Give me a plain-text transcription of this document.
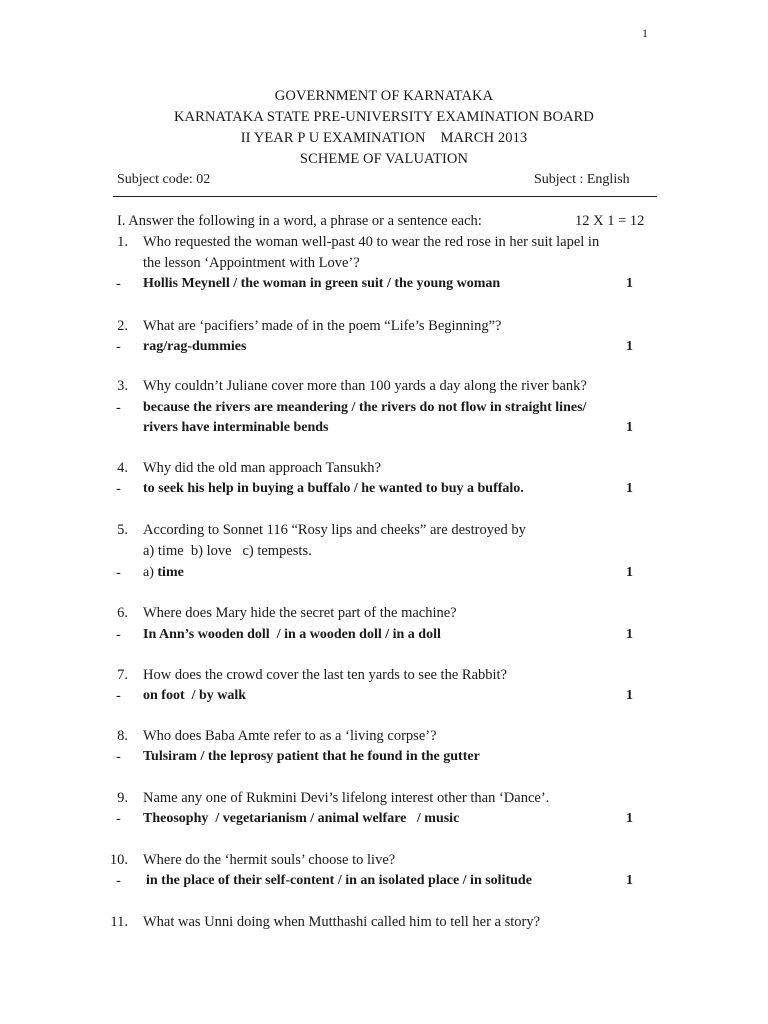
1
GOVERNMENT OF KARNATAKA
KARNATAKA STATE PRE-UNIVERSITY EXAMINATION BOARD
II YEAR P U EXAMINATION    MARCH 2013
SCHEME OF VALUATION
Subject code: 02	Subject : English
I. Answer the following in a word, a phrase or a sentence each:	12 X 1 = 12
1. Who requested the woman well-past 40 to wear the red rose in her suit lapel in
the lesson ‘Appointment with Love’?
- Hollis Meynell / the woman in green suit / the young woman	1
2. What are ‘pacifiers’ made of in the poem “Life’s Beginning”?
- rag/rag-dummies	1
3. Why couldn’t Juliane cover more than 100 yards a day along the river bank?
- because the rivers are meandering / the rivers do not flow in straight lines/
rivers have interminable bends	1
4. Why did the old man approach Tansukh?
- to seek his help in buying a buffalo / he wanted to buy a buffalo.	1
5. According to Sonnet 116 “Rosy lips and cheeks” are destroyed by
a) time  b) love   c) tempests.
- a) time	1
6. Where does Mary hide the secret part of the machine?
- In Ann’s wooden doll  / in a wooden doll / in a doll	1
7. How does the crowd cover the last ten yards to see the Rabbit?
- on foot  / by walk	1
8. Who does Baba Amte refer to as a ‘living corpse’?
- Tulsiram / the leprosy patient that he found in the gutter
9. Name any one of Rukmini Devi’s lifelong interest other than ‘Dance’.
- Theosophy  / vegetarianism / animal welfare   / music	1
10. Where do the ‘hermit souls’ choose to live?
- in the place of their self-content / in an isolated place / in solitude	1
11. What was Unni doing when Mutthashi called him to tell her a story?
